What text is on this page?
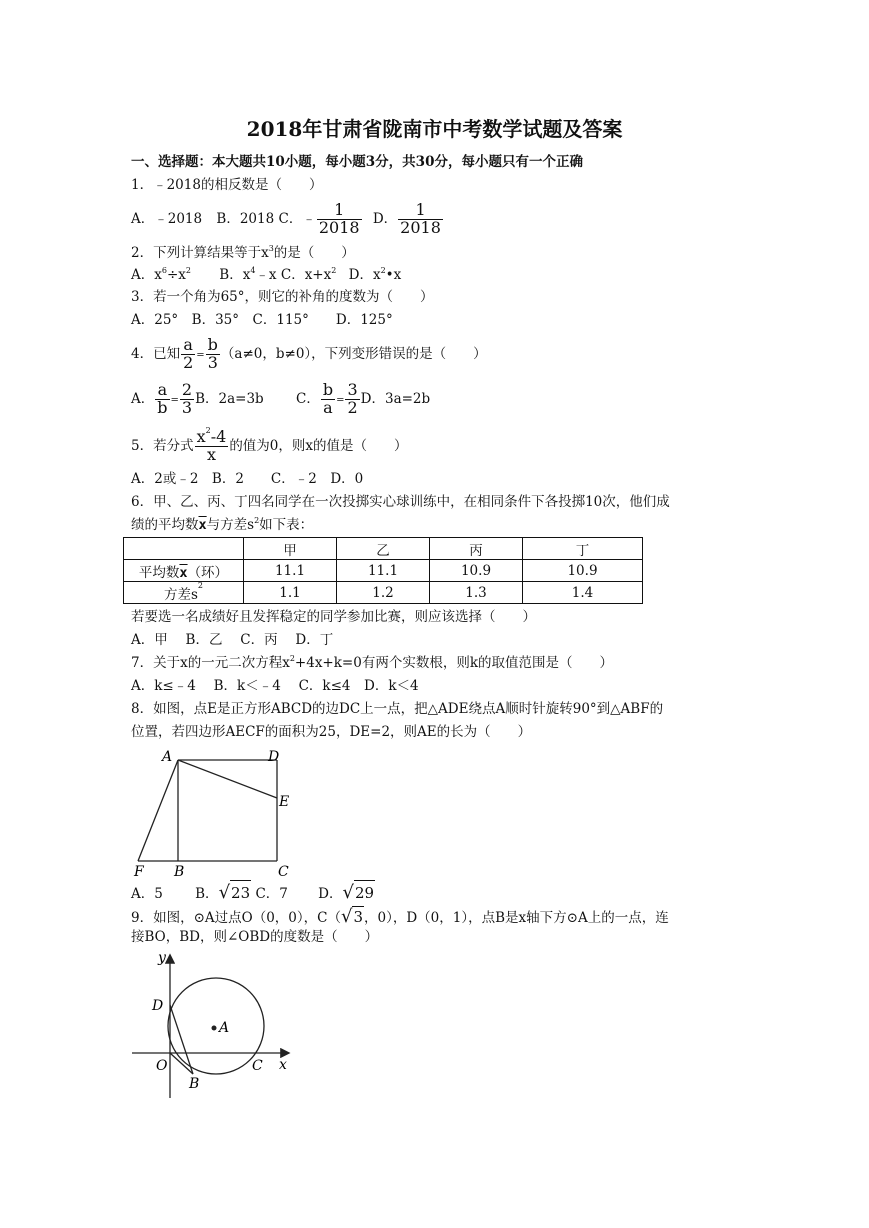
2018年甘肃省陇南市中考数学试题及答案
一、选择题：本大题共10小题，每小题3分，共30分，每小题只有一个正确
1．﹣2018的相反数是（　　）
A．﹣2018 B．2018 C．﹣ $\frac{1}{2018}$ D． $\frac{1}{2018}$
2．下列计算结果等于$x^3$的是（　　）
A．$x^6\div x^2$ B．$x^4﹣x$ C．$x+x^2$ D．$x^2•x$
3．若一个角为65°，则它的补角的度数为（　　）
A．25°　B．35°　C．115°　　D．125°
4．已知 $\frac{a}{2} = \frac{b}{3} (a\ne 0$，b≠0），下列变形错误的是（　　）
A． $\frac{a}{b} = \frac{2}{3}$ B．2a=3b C． $\frac{b}{a} = \frac{3}{2}$ D．3a=2b
5．若分式 $\frac{x^2-4}{x}$ 的值为0，则x的值是（　　）
A．2或﹣2　B．2　　C．﹣2　D．0
6．甲、乙、丙、丁四名同学在一次投掷实心球训练中，在相同条件下各投掷10次，他们成
绩的平均数$\overline{x}$与方差$s^2$如下表：
	甲	乙	丙	丁
平均数$\overline{x}$（环）	11.1	11.1	10.9	10.9
方差$s^2$	1.1	1.2	1.3	1.4
若要选一名成绩好且发挥稳定的同学参加比赛，则应该选择（　　）
A．甲　 B．乙　 C．丙　 D．丁
7．关于x的一元二次方程$x^2+4x+k=0$有两个实数根，则k的取值范围是（　　）
A．k≤﹣4　 B．k＜﹣4　 C．k≤4　D．k＜4
8．如图，点E是正方形ABCD的边DC上一点，把△ADE绕点A顺时针旋转90°到△ABF的
位置，若四边形AECF的面积为25，DE=2，则AE的长为（　　）
A	D
E
F B	C
A．5 B．√23 C．7 D．√29
9．如图，⊙A过点O（0，0），C（√3，0），D（0，1），点B是x轴下方⊙A上的一点，连
接BO，BD，则∠OBD的度数是（　　）
y
x
D
A
O	C
B
